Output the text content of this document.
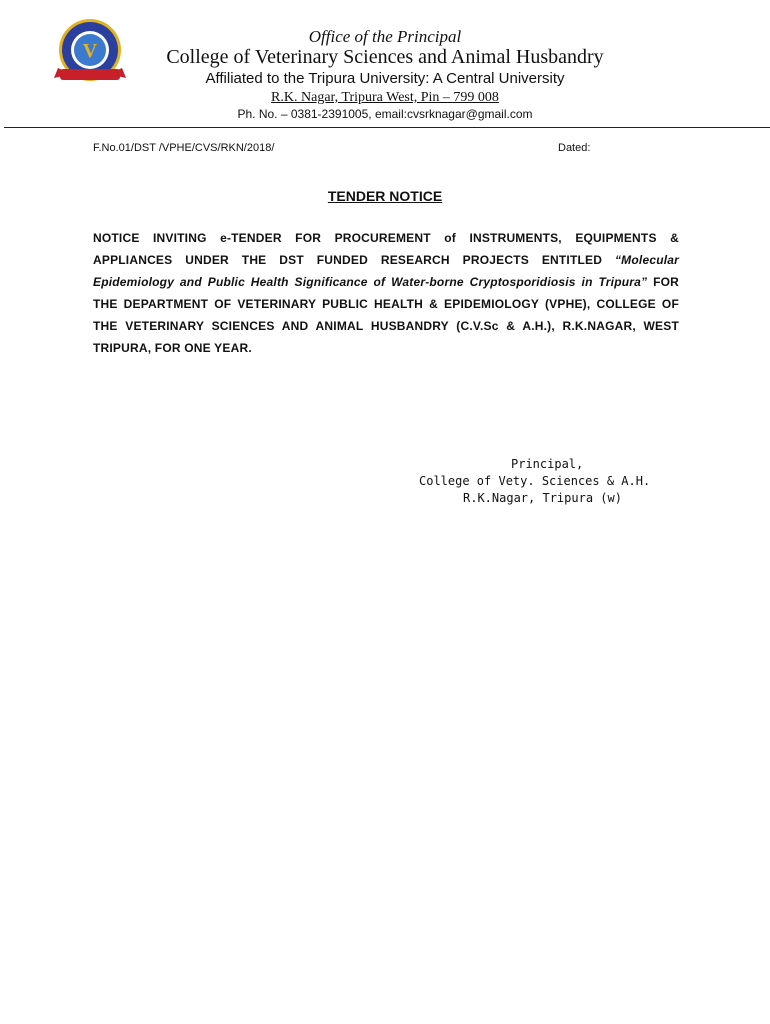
V
Office of the Principal
College of Veterinary Sciences and Animal Husbandry
Affiliated to the Tripura University: A Central University
R.K. Nagar, Tripura West, Pin – 799 008
Ph. No. – 0381-2391005, email:cvsrknagar@gmail.com
F.No.01/DST /VPHE/CVS/RKN/2018/	Dated:
TENDER NOTICE
NOTICE INVITING e-TENDER FOR PROCUREMENT of INSTRUMENTS, EQUIPMENTS & APPLIANCES UNDER THE DST FUNDED RESEARCH PROJECTS ENTITLED “Molecular Epidemiology and Public Health Significance of Water-borne Cryptosporidiosis in Tripura” FOR THE DEPARTMENT OF VETERINARY PUBLIC HEALTH & EPIDEMIOLOGY (VPHE), COLLEGE OF THE VETERINARY SCIENCES AND ANIMAL HUSBANDRY (C.V.Sc & A.H.), R.K.NAGAR, WEST TRIPURA, FOR ONE YEAR.
Principal,
College of Vety. Sciences & A.H.
R.K.Nagar, Tripura (w)
